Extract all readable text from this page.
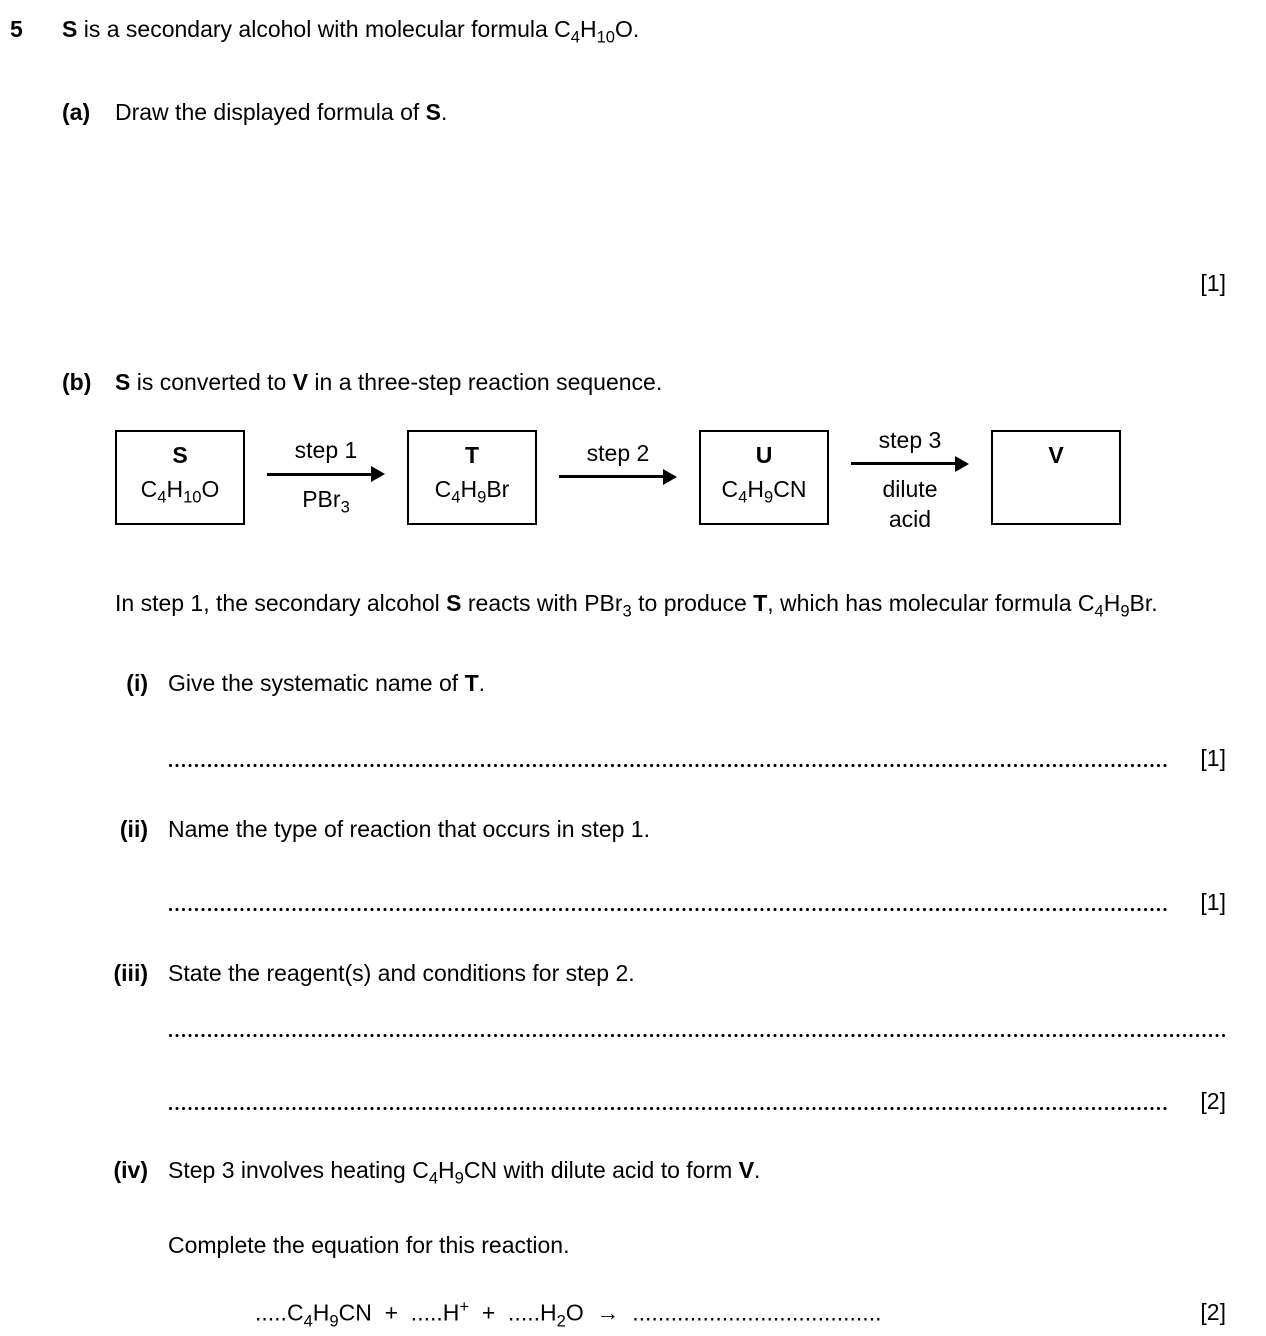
5	S is a secondary alcohol with molecular formula $C_4H_{10}O$.
(a)	Draw the displayed formula of S.
[1]
(b)	S is converted to V in a three-step reaction sequence.
S
$C_4H_{10}O$
step 1
PBr$_3$
T
$C_4H_9Br$
step 2	U
$C_4H_9CN$
step 3
dilute acid
V
In step 1, the secondary alcohol S reacts with PBr$_3$ to produce T, which has molecular formula $C_4H_9Br$.
(i) Give the systematic name of T.
[1]
(ii) Name the type of reaction that occurs in step 1.
[1]
(iii) State the reagent(s) and conditions for step 2.
[2]
(iv) Step 3 involves heating $C_4H_9CN$ with dilute acid to form V.
Complete the equation for this reaction.
$.....C_4H_9CN + .....H^+ + .....H_2O$  →  .......................................	[2]
